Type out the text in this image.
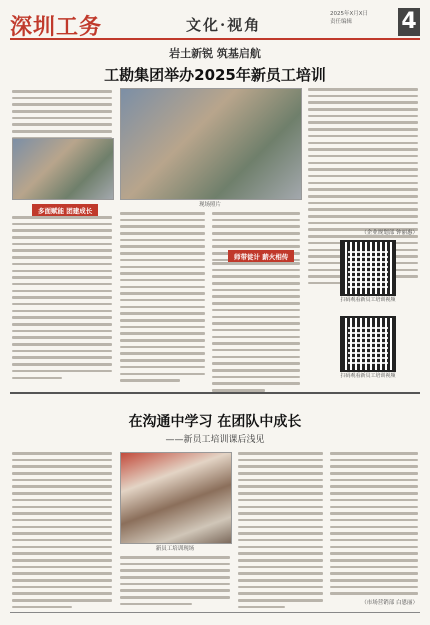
深圳工务	文化·视角
2025年X月X日
责任编辑	4
岩土新锐 筑基启航
工勘集团举办2025年新员工培训
多面赋能 团建成长
现场照片
师带徒计 薪火相传
（企业规划部 钟丽惠）
扫码观看新员工培训视频
扫码观看新员工培训视频
在沟通中学习 在团队中成长
——新员工培训课后浅见
新员工培训现场
（市场营销部 白恩丽）
